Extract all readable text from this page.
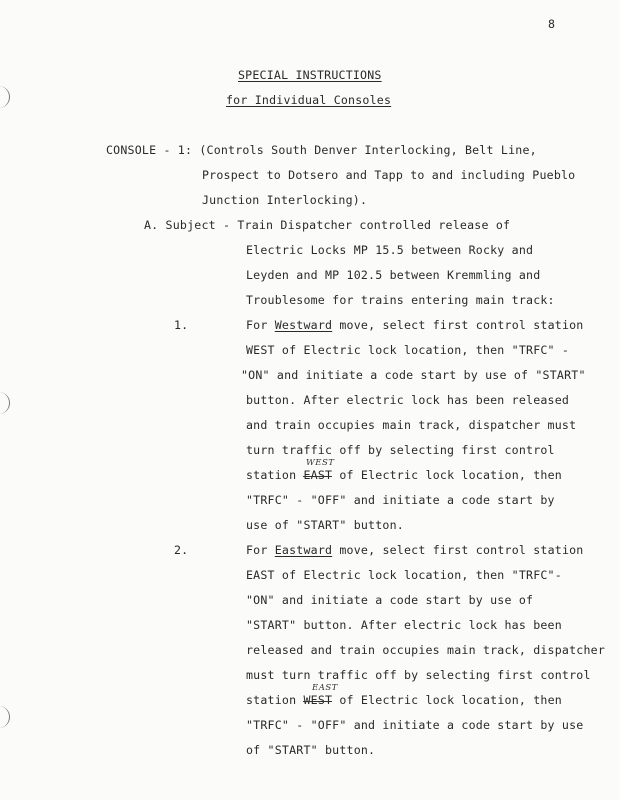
8
SPECIAL INSTRUCTIONS
for Individual Consoles
CONSOLE - 1: (Controls South Denver Interlocking, Belt Line,
Prospect to Dotsero and Tapp to and including Pueblo
Junction Interlocking).
A. Subject - Train Dispatcher controlled release of
Electric Locks MP 15.5 between Rocky and
Leyden and MP 102.5 between Kremmling and
Troublesome for trains entering main track:
1.	For Westward move, select first control station
WEST of Electric lock location, then "TRFC" -
"ON" and initiate a code start by use of "START"
button. After electric lock has been released
and train occupies main track, dispatcher must
turn traffic off by selecting first control
station EAST of Electric lock location, then
WEST
"TRFC" - "OFF" and initiate a code start by
use of "START" button.
2.	For Eastward move, select first control station
EAST of Electric lock location, then "TRFC"-
"ON" and initiate a code start by use of
"START" button. After electric lock has been
released and train occupies main track, dispatcher
must turn traffic off by selecting first control
station WEST of Electric lock location, then
EAST
"TRFC" - "OFF" and initiate a code start by use
of "START" button.
